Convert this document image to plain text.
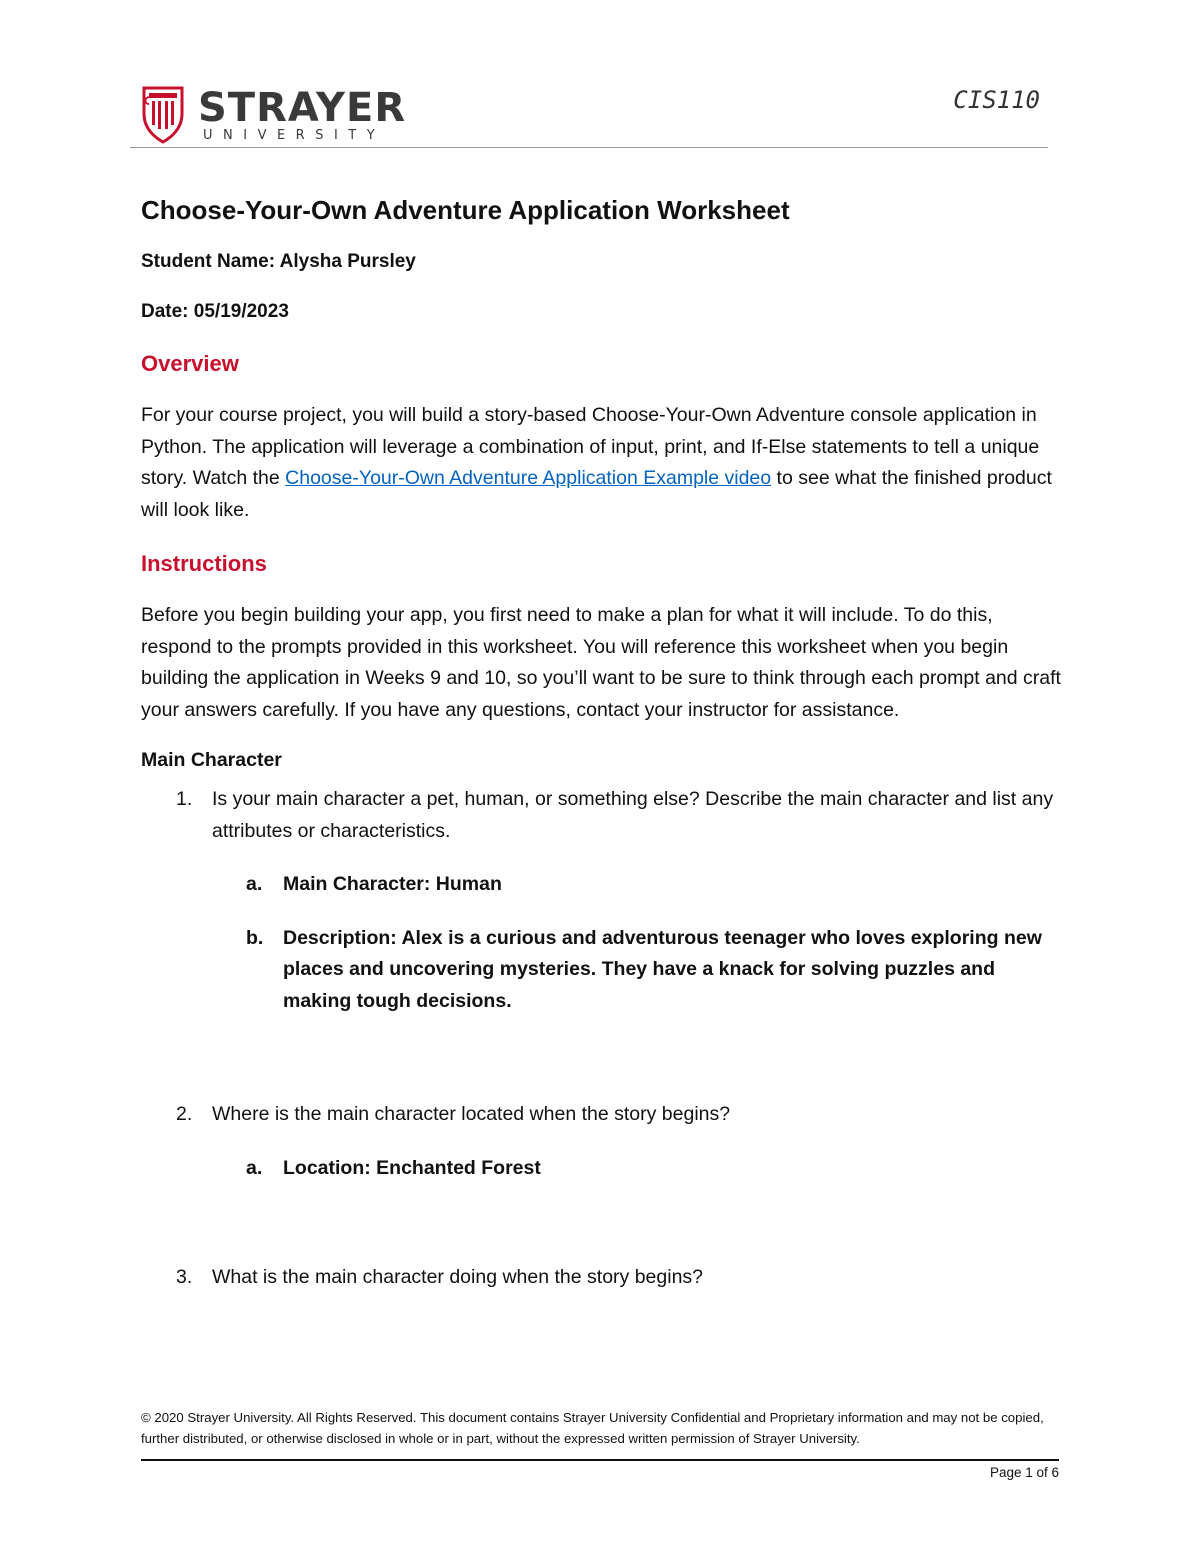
STRAYER
UNIVERSITY
CIS110
Choose-Your-Own Adventure Application Worksheet
Student Name: Alysha Pursley
Date: 05/19/2023
Overview

For your course project, you will build a story-based Choose-Your-Own Adventure console application in Python. The application will leverage a combination of input, print, and If-Else statements to tell a unique story. Watch the Choose-Your-Own Adventure Application Example video to see what the finished product will look like.

Instructions

Before you begin building your app, you first need to make a plan for what it will include. To do this, respond to the prompts provided in this worksheet. You will reference this worksheet when you begin building the application in Weeks 9 and 10, so you’ll want to be sure to think through each prompt and craft your answers carefully. If you have any questions, contact your instructor for assistance.

Main Character
1. Is your main character a pet, human, or something else? Describe the main character and list any attributes or characteristics.
a. Main Character: Human
b. Description: Alex is a curious and adventurous teenager who loves exploring new places and uncovering mysteries. They have a knack for solving puzzles and making tough decisions.
2. Where is the main character located when the story begins?
a. Location: Enchanted Forest
3. What is the main character doing when the story begins?
© 2020 Strayer University. All Rights Reserved. This document contains Strayer University Confidential and Proprietary information and may not be copied, further distributed, or otherwise disclosed in whole or in part, without the expressed written permission of Strayer University.
Page 1 of 6
